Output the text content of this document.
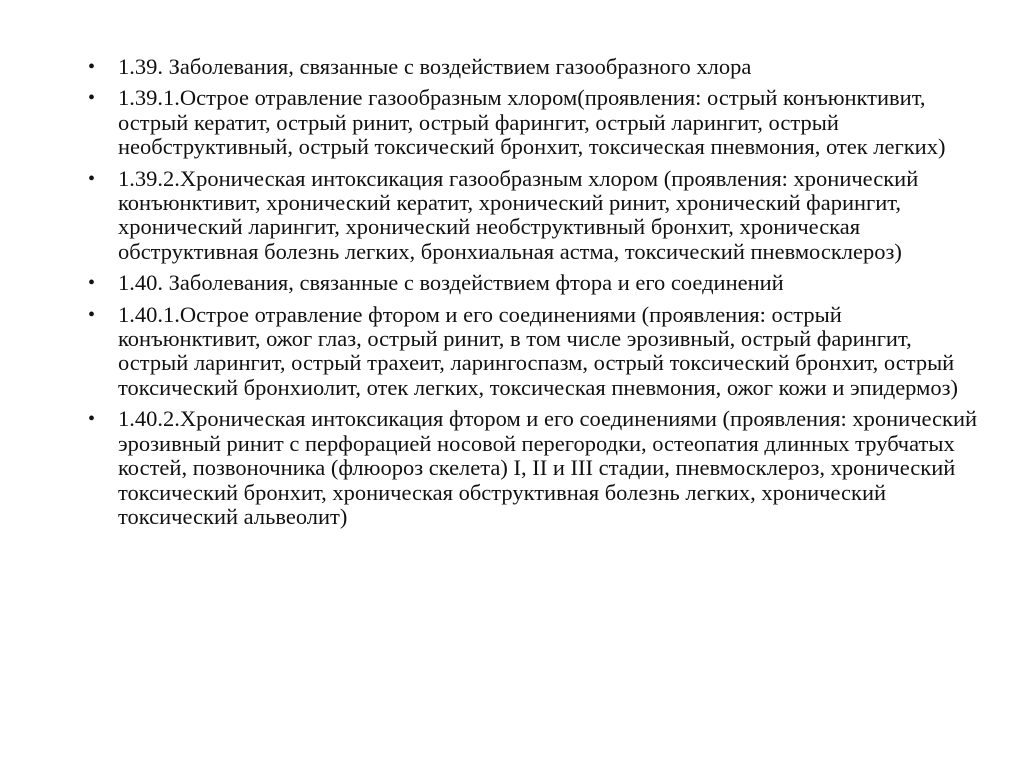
• 1.39. Заболевания, связанные с воздействием газообразного хлора
• 1.39.1.Острое отравление газообразным хлором(проявления: острый конъюнктивит, острый кератит, острый ринит, острый фарингит, острый ларингит, острый необструктивный, острый токсический бронхит, токсическая пневмония, отек легких)
• 1.39.2.Хроническая интоксикация газообразным хлором (проявления: хронический конъюнктивит, хронический кератит, хронический ринит, хронический фарингит, хронический ларингит, хронический необструктивный бронхит, хроническая обструктивная болезнь легких, бронхиальная астма, токсический пневмосклероз)
• 1.40. Заболевания, связанные с воздействием фтора и его соединений
• 1.40.1.Острое отравление фтором и его соединениями (проявления: острый конъюнктивит, ожог глаз, острый ринит, в том числе эрозивный, острый фарингит, острый ларингит, острый трахеит, ларингоспазм, острый токсический бронхит, острый токсический бронхиолит, отек легких, токсическая пневмония, ожог кожи и эпидермоз)
• 1.40.2.Хроническая интоксикация фтором и его соединениями (проявления: хронический эрозивный ринит с перфорацией носовой перегородки, остеопатия длинных трубчатых костей, позвоночника (флюороз скелета) I, II и III стадии, пневмосклероз, хронический токсический бронхит, хроническая обструктивная болезнь легких, хронический токсический альвеолит)
